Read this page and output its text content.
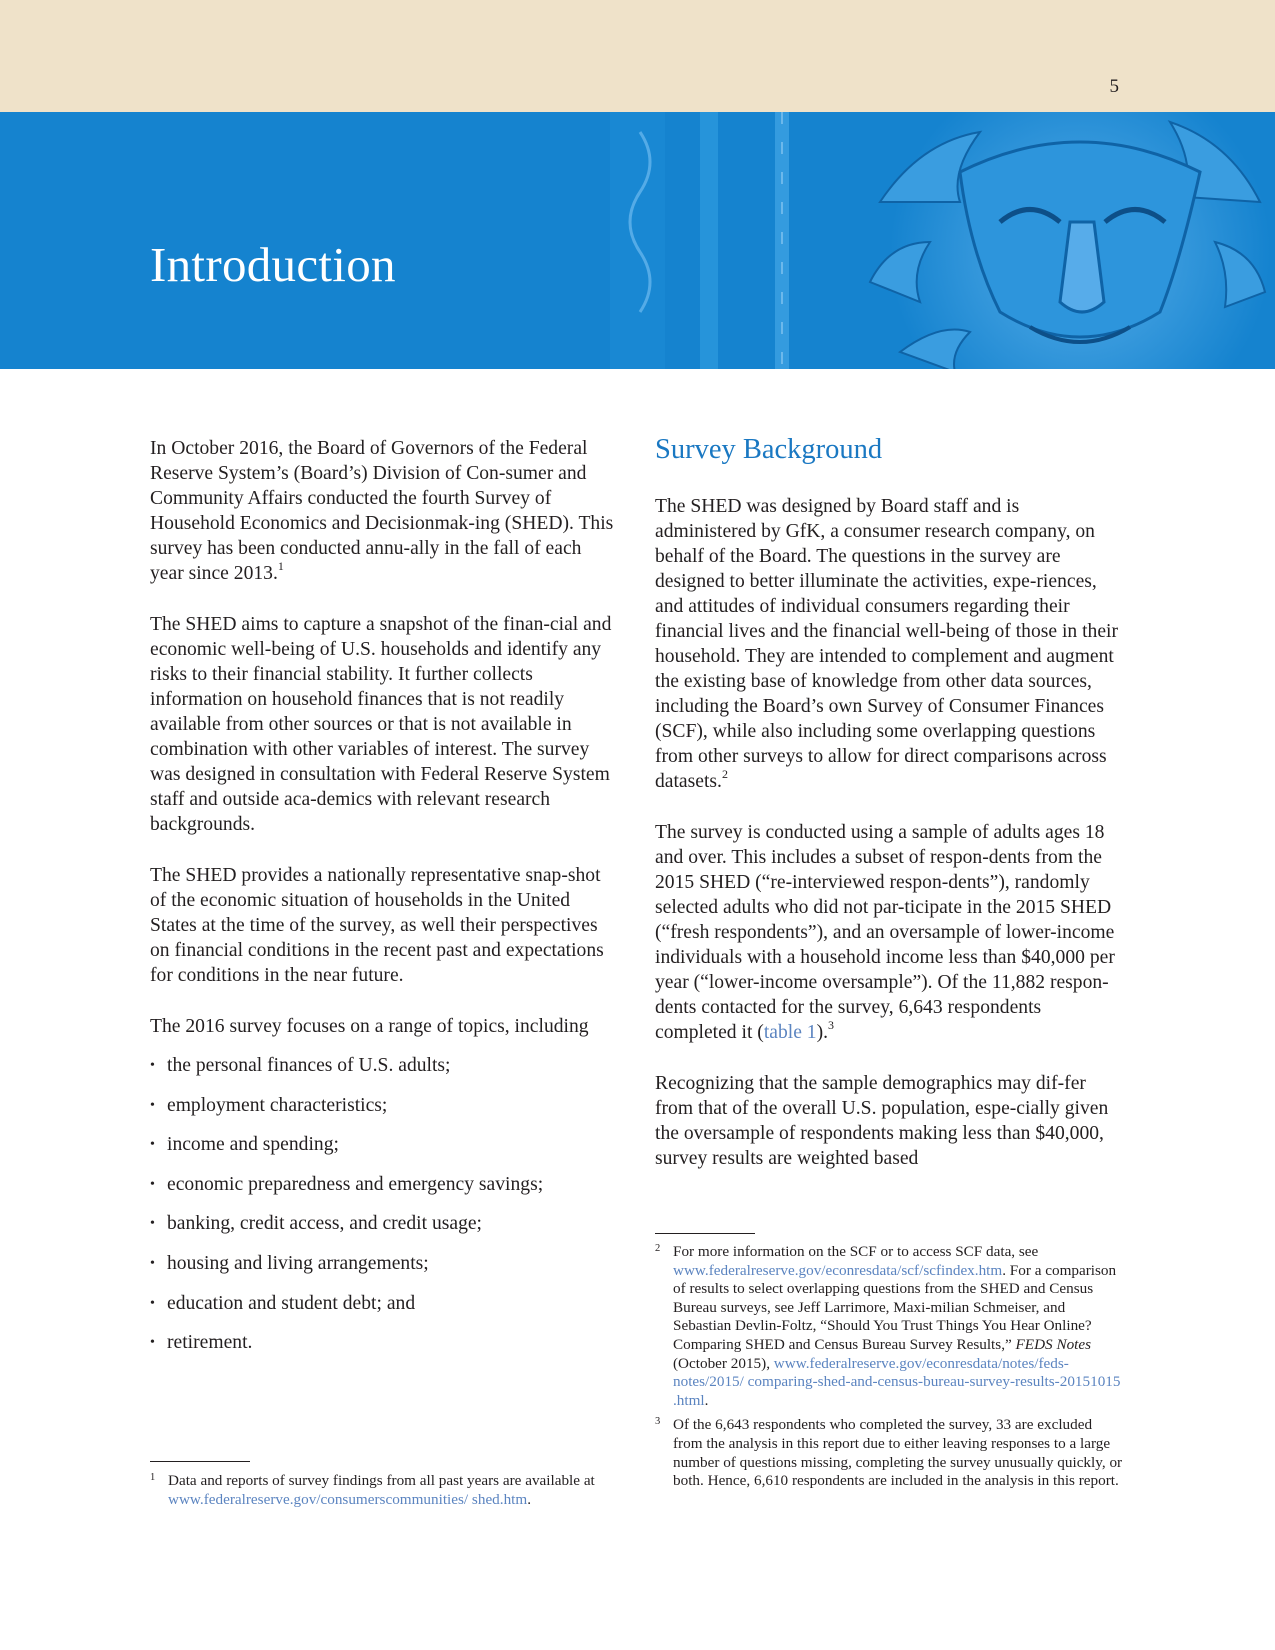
5
Introduction

In October 2016, the Board of Governors of the Federal Reserve System’s (Board’s) Division of Con-sumer and Community Affairs conducted the fourth Survey of Household Economics and Decisionmak-ing (SHED). This survey has been conducted annu-ally in the fall of each year since 2013.$^1$

The SHED aims to capture a snapshot of the finan-cial and economic well-being of U.S. households and identify any risks to their financial stability. It further collects information on household finances that is not readily available from other sources or that is not available in combination with other variables of interest. The survey was designed in consultation with Federal Reserve System staff and outside aca-demics with relevant research backgrounds.

The SHED provides a nationally representative snap-shot of the economic situation of households in the United States at the time of the survey, as well their perspectives on financial conditions in the recent past and expectations for conditions in the near future.

The 2016 survey focuses on a range of topics, including

• the personal finances of U.S. adults;
• employment characteristics;
• income and spending;
• economic preparedness and emergency savings;
• banking, credit access, and credit usage;
• housing and living arrangements;
• education and student debt; and
• retirement.
Survey Background

The SHED was designed by Board staff and is administered by GfK, a consumer research company, on behalf of the Board. The questions in the survey are designed to better illuminate the activities, expe-riences, and attitudes of individual consumers regarding their financial lives and the financial well-being of those in their household. They are intended to complement and augment the existing base of knowledge from other data sources, including the Board’s own Survey of Consumer Finances (SCF), while also including some overlapping questions from other surveys to allow for direct comparisons across datasets.$^2$

The survey is conducted using a sample of adults ages 18 and over. This includes a subset of respon-dents from the 2015 SHED (“re-interviewed respon-dents”), randomly selected adults who did not par-ticipate in the 2015 SHED (“fresh respondents”), and an oversample of lower-income individuals with a household income less than $40,000 per year (“lower-income oversample”). Of the 11,882 respon-dents contacted for the survey, 6,643 respondents completed it (table 1).$^3$

Recognizing that the sample demographics may dif-fer from that of the overall U.S. population, espe-cially given the oversample of respondents making less than $40,000, survey results are weighted based

1 Data and reports of survey findings from all past years are available at www.federalreserve.gov/consumerscommunities/ shed.htm.
2 For more information on the SCF or to access SCF data, see www.federalreserve.gov/econresdata/scf/scfindex.htm. For a comparison of results to select overlapping questions from the SHED and Census Bureau surveys, see Jeff Larrimore, Maxi-milian Schmeiser, and Sebastian Devlin-Foltz, “Should You Trust Things You Hear Online? Comparing SHED and Census Bureau Survey Results,” FEDS Notes (October 2015), www.federalreserve.gov/econresdata/notes/feds-notes/2015/ comparing-shed-and-census-bureau-survey-results-20151015 .html.
3 Of the 6,643 respondents who completed the survey, 33 are excluded from the analysis in this report due to either leaving responses to a large number of questions missing, completing the survey unusually quickly, or both. Hence, 6,610 respondents are included in the analysis in this report.
